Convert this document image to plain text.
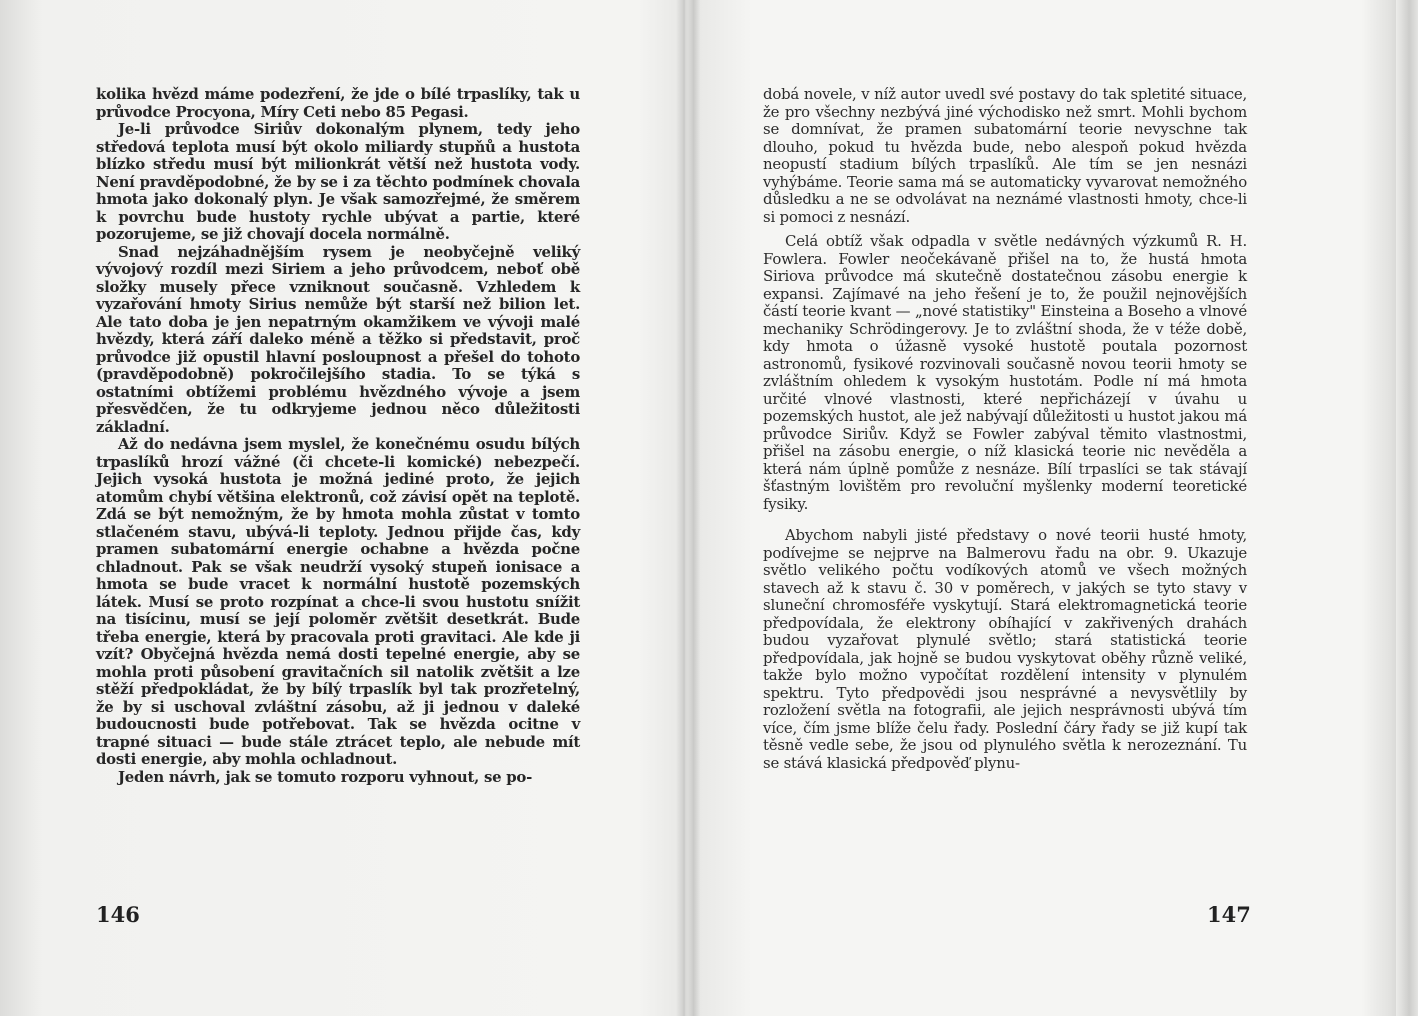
kolika hvězd máme podezření, že jde o bílé trpaslíky, tak u průvodce Procyona, Míry Ceti nebo 85 Pegasi.

Je-li průvodce Siriův dokonalým plynem, tedy jeho středová teplota musí být okolo miliardy stupňů a hustota blízko středu musí být milionkrát větší než hustota vody. Není pravděpodobné, že by se i za těchto podmínek chovala hmota jako dokonalý plyn. Je však samozřejmé, že směrem k povrchu bude hustoty rychle ubývat a partie, které pozorujeme, se již chovají docela normálně.

Snad nejzáhadnějším rysem je neobyčejně veliký vývojový rozdíl mezi Siriem a jeho průvodcem, neboť obě složky musely přece vzniknout současně. Vzhledem k vyzařování hmoty Sirius nemůže být starší než bilion let. Ale tato doba je jen nepatrným okamžikem ve vývoji malé hvězdy, která září daleko méně a těžko si představit, proč průvodce již opustil hlavní posloupnost a přešel do tohoto (pravděpodobně) pokročilejšího stadia. To se týká s ostatními obtížemi problému hvězdného vývoje a jsem přesvědčen, že tu odkryjeme jednou něco důležitosti základní.

Až do nedávna jsem myslel, že konečnému osudu bílých trpaslíků hrozí vážné (či chcete-li komické) nebezpečí. Jejich vysoká hustota je možná jediné proto, že jejich atomům chybí většina elektronů, což závisí opět na teplotě. Zdá se být nemožným, že by hmota mohla zůstat v tomto stlačeném stavu, ubývá-li teploty. Jednou přijde čas, kdy pramen subatomární energie ochabne a hvězda počne chladnout. Pak se však neudrží vysoký stupeň ionisace a hmota se bude vracet k normální hustotě pozemských látek. Musí se proto rozpínat a chce-li svou hustotu snížit na tisícinu, musí se její poloměr zvětšit desetkrát. Bude třeba energie, která by pracovala proti gravitaci. Ale kde ji vzít? Obyčejná hvězda nemá dosti tepelné energie, aby se mohla proti působení gravitačních sil natolik zvětšit a lze stěží předpokládat, že by bílý trpaslík byl tak prozřetelný, že by si uschoval zvláštní zásobu, až ji jednou v daleké budoucnosti bude potřebovat. Tak se hvězda ocitne v trapné situaci — bude stále ztrácet teplo, ale nebude mít dosti energie, aby mohla ochladnout.

Jeden návrh, jak se tomuto rozporu vyhnout, se po-

146

dobá novele, v níž autor uvedl své postavy do tak spletité situace, že pro všechny nezbývá jiné východisko než smrt. Mohli bychom se domnívat, že pramen subatomární teorie nevyschne tak dlouho, pokud tu hvězda bude, nebo alespoň pokud hvězda neopustí stadium bílých trpaslíků. Ale tím se jen nesnázi vyhýbáme. Teorie sama má se automaticky vyvarovat nemožného důsledku a ne se odvolávat na neznámé vlastnosti hmoty, chce-li si pomoci z nesnází.

Celá obtíž však odpadla v světle nedávných výzkumů R. H. Fowlera. Fowler neočekávaně přišel na to, že hustá hmota Siriova průvodce má skutečně dostatečnou zásobu energie k expansi. Zajímavé na jeho řešení je to, že použil nejnovějších částí teorie kvant — „nové statistiky" Einsteina a Boseho a vlnové mechaniky Schrödingerovy. Je to zvláštní shoda, že v téže době, kdy hmota o úžasně vysoké hustotě poutala pozornost astronomů, fysikové rozvinovali současně novou teorii hmoty se zvláštním ohledem k vysokým hustotám. Podle ní má hmota určité vlnové vlastnosti, které nepřicházejí v úvahu u pozemských hustot, ale jež nabývají důležitosti u hustot jakou má průvodce Siriův. Když se Fowler zabýval těmito vlastnostmi, přišel na zásobu energie, o níž klasická teorie nic nevěděla a která nám úplně pomůže z nesnáze. Bílí trpaslíci se tak stávají šťastným lovištěm pro revoluční myšlenky moderní teoretické fysiky.

Abychom nabyli jisté představy o nové teorii husté hmoty, podívejme se nejprve na Balmerovu řadu na obr. 9. Ukazuje světlo velikého počtu vodíkových atomů ve všech možných stavech až k stavu č. 30 v poměrech, v jakých se tyto stavy v sluneční chromosféře vyskytují. Stará elektromagnetická teorie předpovídala, že elektrony obíhající v zakřivených drahách budou vyzařovat plynulé světlo; stará statistická teorie předpovídala, jak hojně se budou vyskytovat oběhy různě veliké, takže bylo možno vypočítat rozdělení intensity v plynulém spektru. Tyto předpovědi jsou nesprávné a nevysvětlily by rozložení světla na fotografii, ale jejich nesprávnosti ubývá tím více, čím jsme blíže čelu řady. Poslední čáry řady se již kupí tak těsně vedle sebe, že jsou od plynulého světla k nerozeznání. Tu se stává klasická předpověď plynu-

147
